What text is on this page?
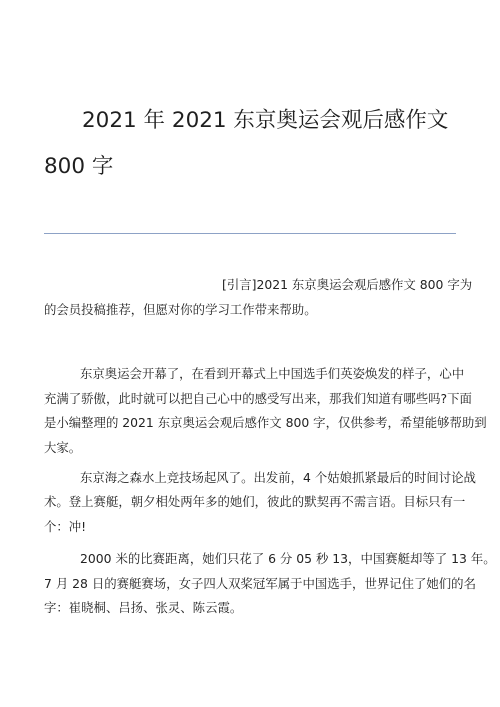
2021 年 2021 东京奥运会观后感作文
800 字
[引言]2021 东京奥运会观后感作文 800 字为
的会员投稿推荐，但愿对你的学习工作带来帮助。
东京奥运会开幕了，在看到开幕式上中国选手们英姿焕发的样子，心中
充满了骄傲，此时就可以把自己心中的感受写出来，那我们知道有哪些吗?下面
是小编整理的 2021 东京奥运会观后感作文 800 字，仅供参考，希望能够帮助到
大家。
东京海之森水上竞技场起风了。出发前，4 个姑娘抓紧最后的时间讨论战
术。登上赛艇，朝夕相处两年多的她们，彼此的默契再不需言语。目标只有一
个：冲!
2000 米的比赛距离，她们只花了 6 分 05 秒 13，中国赛艇却等了 13 年。
7 月 28 日的赛艇赛场，女子四人双桨冠军属于中国选手，世界记住了她们的名
字：崔晓桐、吕扬、张灵、陈云霞。
